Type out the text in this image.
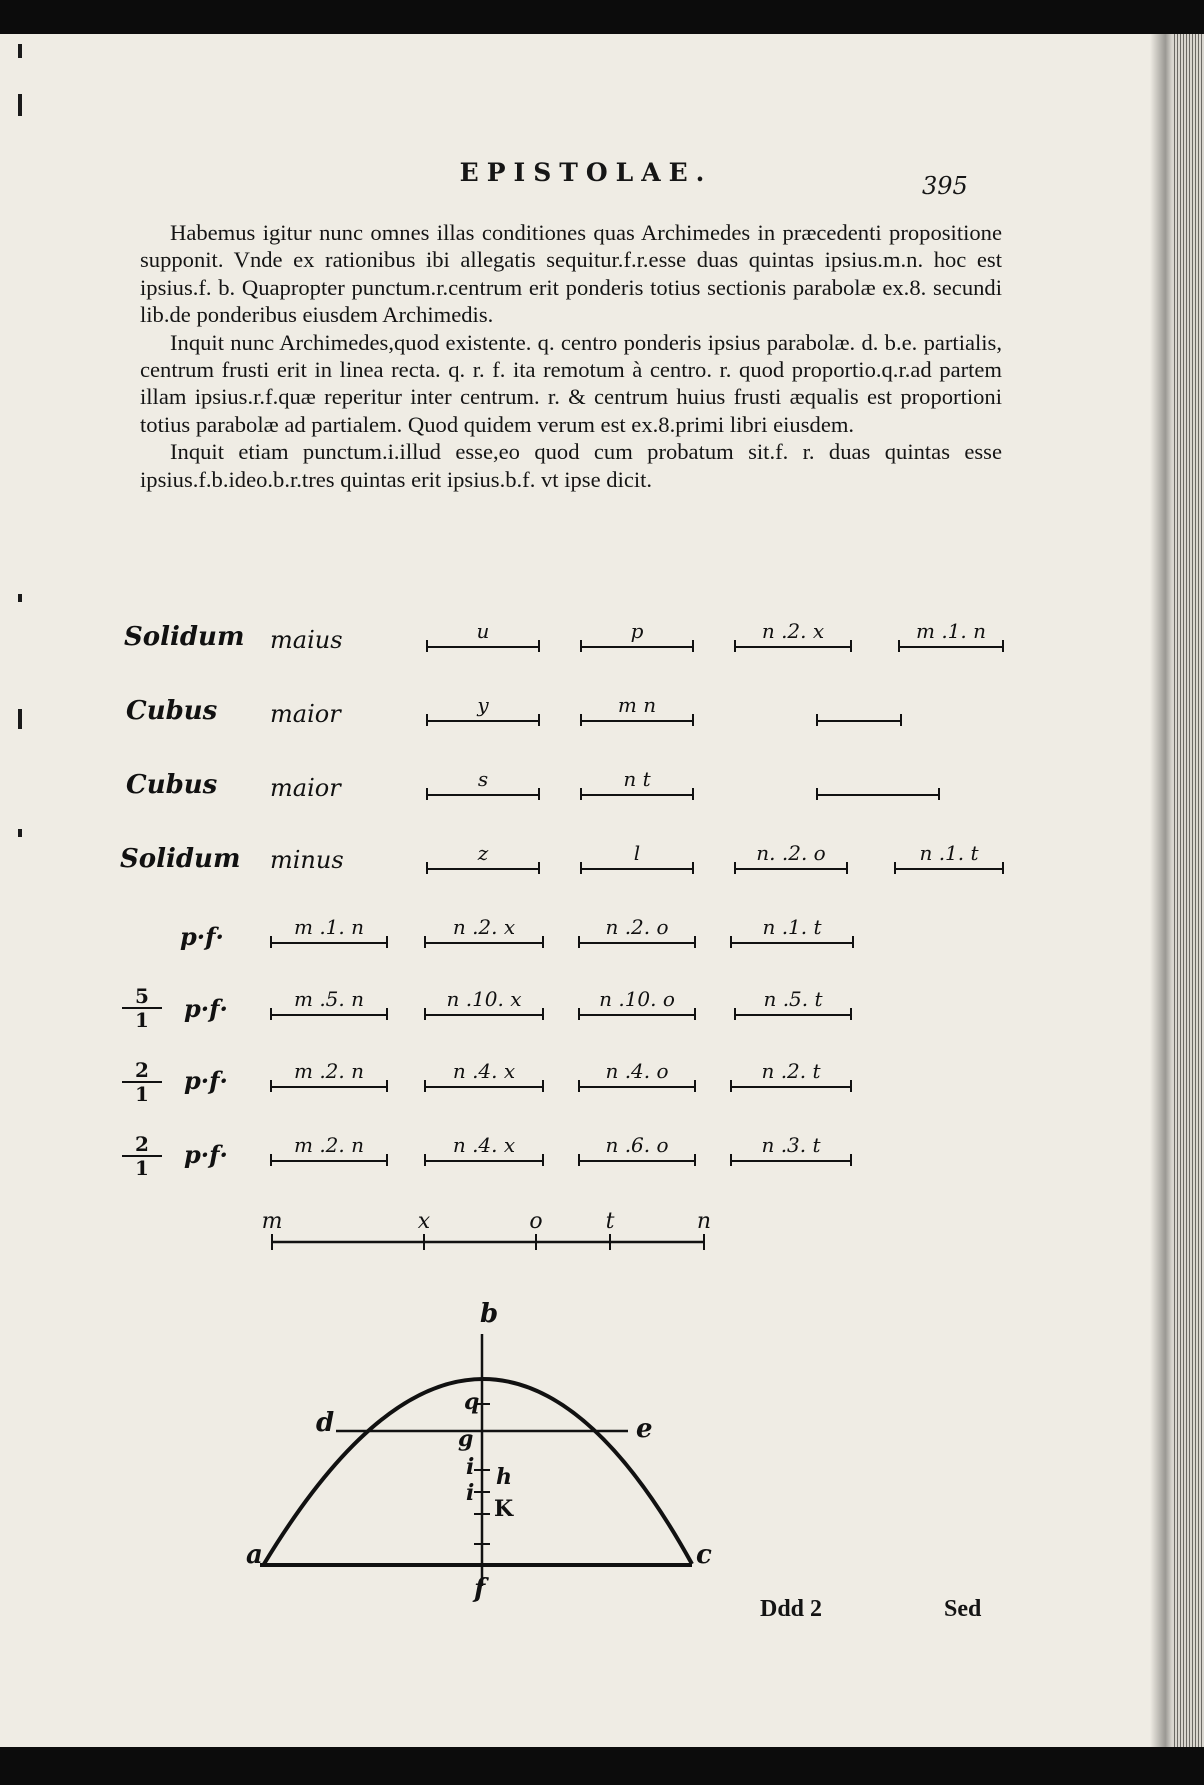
EPISTOLAE.	395

Habemus igitur nunc omnes illas conditiones quas Archimedes in præcedenti propositione supponit. Vnde ex rationibus ibi allegatis sequitur.f.r.esse duas quintas ipsius.m.n. hoc est ipsius.f. b. Quapropter punctum.r.centrum erit ponderis totius sectionis parabolæ ex.8. secundi lib.de ponderibus eiusdem Archimedis.

Inquit nunc Archimedes,quod existente. q. centro ponderis ipsius parabolæ. d. b.e. partialis, centrum frusti erit in linea recta. q. r. f. ita remotum à centro. r. quod proportio.q.r.ad partem illam ipsius.r.f.quæ reperitur inter centrum. r. & centrum huius frusti æqualis est proportioni totius parabolæ ad partialem. Quod quidem verum est ex.8.primi libri eiusdem.

Inquit etiam punctum.i.illud esse,eo quod cum probatum sit.f. r. duas quintas esse ipsius.f.b.ideo.b.r.tres quintas erit ipsius.b.f. vt ipse dicit.

Solidum maius	u	p	n .2. x	m .1. n
Cubus maior	y	m n
Cubus maior	s	n t
Solidum minus	z	l	n. .2. o	n .1. t
p·f·	m .1. n	n .2. x	n .2. o	n .1. t
5
1	p·f·	m .5. n	n .10. x	n .10. o	n .5. t
2
1	p·f·	m .2. n	n .4. x	n .4. o	n .2. t
2
1	p·f·	m .2. n	n .4. x	n .6. o	n .3. t
m	x	o	t	n
b
d	e
q
g
i h
i
K
a	c
f
Ddd 2	Sed
